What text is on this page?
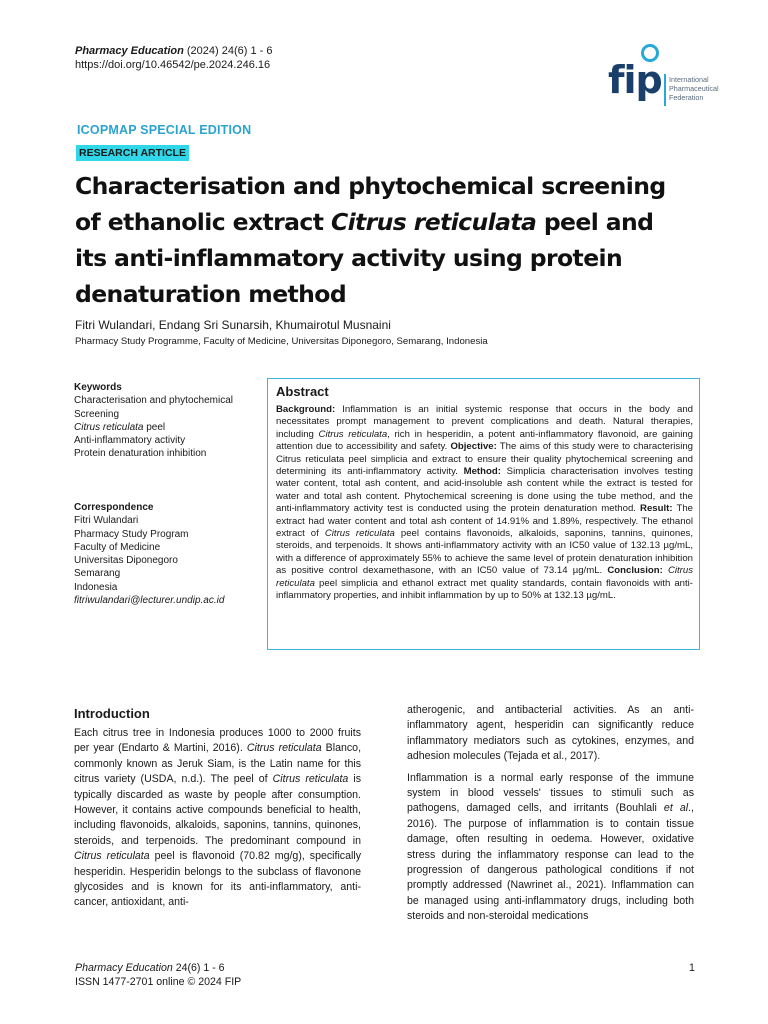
Pharmacy Education (2024) 24(6) 1 - 6
https://doi.org/10.46542/pe.2024.246.16	fip International
Pharmaceutical
Federation
ICOPMAP SPECIAL EDITION
RESEARCH ARTICLE
Characterisation and phytochemical screening of ethanolic extract Citrus reticulata peel and its anti-inflammatory activity using protein denaturation method
Fitri Wulandari, Endang Sri Sunarsih, Khumairotul Musnaini
Pharmacy Study Programme, Faculty of Medicine, Universitas Diponegoro, Semarang, Indonesia
Keywords
Characterisation and phytochemical
Screening
Citrus reticulata peel
Anti-inflammatory activity
Protein denaturation inhibition
Correspondence
Fitri Wulandari
Pharmacy Study Program
Faculty of Medicine
Universitas Diponegoro
Semarang
Indonesia
fitriwulandari@lecturer.undip.ac.id
Abstract
Background: Inflammation is an initial systemic response that occurs in the body and necessitates prompt management to prevent complications and death. Natural therapies, including Citrus reticulata, rich in hesperidin, a potent anti-inflammatory flavonoid, are gaining attention due to accessibility and safety. Objective: The aims of this study were to characterising Citrus reticulata peel simplicia and extract to ensure their quality phytochemical screening and determining its anti-inflammatory activity. Method: Simplicia characterisation involves testing water content, total ash content, and acid-insoluble ash content while the extract is tested for water and total ash content. Phytochemical screening is done using the tube method, and the anti-inflammatory activity test is conducted using the protein denaturation method. Result: The extract had water content and total ash content of 14.91% and 1.89%, respectively. The ethanol extract of Citrus reticulata peel contains flavonoids, alkaloids, saponins, tannins, quinones, steroids, and terpenoids. It shows anti-inflammatory activity with an IC50 value of 132.13 µg/mL, with a difference of approximately 55% to achieve the same level of protein denaturation inhibition as positive control dexamethasone, with an IC50 value of 73.14 µg/mL. Conclusion: Citrus reticulata peel simplicia and ethanol extract met quality standards, contain flavonoids with anti-inflammatory properties, and inhibit inflammation by up to 50% at 132.13 µg/mL.
Introduction
Each citrus tree in Indonesia produces 1000 to 2000 fruits per year (Endarto & Martini, 2016). Citrus reticulata Blanco, commonly known as Jeruk Siam, is the Latin name for this citrus variety (USDA, n.d.). The peel of Citrus reticulata is typically discarded as waste by people after consumption. However, it contains active compounds beneficial to health, including flavonoids, alkaloids, saponins, tannins, quinones, steroids, and terpenoids. The predominant compound in Citrus reticulata peel is flavonoid (70.82 mg/g), specifically hesperidin. Hesperidin belongs to the subclass of flavonone glycosides and is known for its anti-inflammatory, anti-cancer, antioxidant, anti-

atherogenic, and antibacterial activities. As an anti-inflammatory agent, hesperidin can significantly reduce inflammatory mediators such as cytokines, enzymes, and adhesion molecules (Tejada et al., 2017).

Inflammation is a normal early response of the immune system in blood vessels' tissues to stimuli such as pathogens, damaged cells, and irritants (Bouhlali et al., 2016). The purpose of inflammation is to contain tissue damage, often resulting in oedema. However, oxidative stress during the inflammatory response can lead to the progression of dangerous pathological conditions if not promptly addressed (Nawrinet al., 2021). Inflammation can be managed using anti-inflammatory drugs, including both steroids and non-steroidal medications

Pharmacy Education 24(6) 1 - 6
ISSN 1477-2701 online © 2024 FIP
1
